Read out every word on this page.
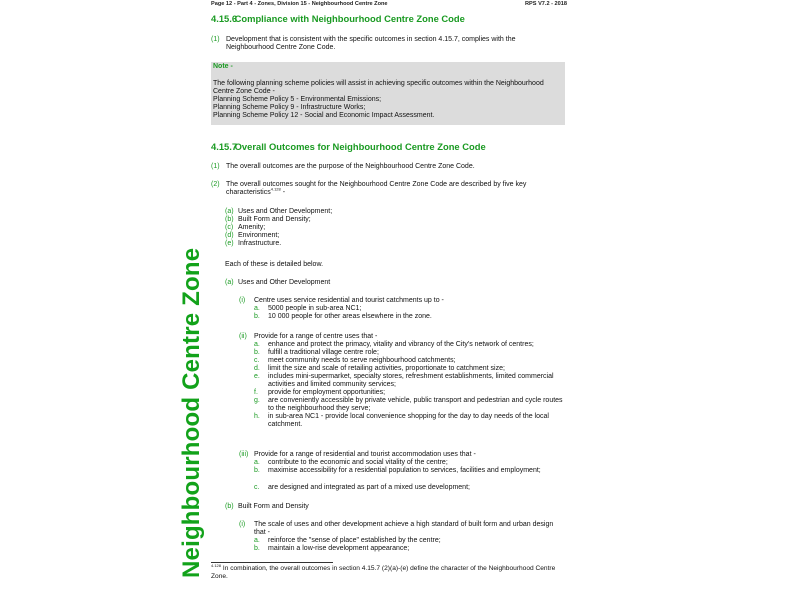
Page 12 - Part 4 - Zones, Division 15 - Neighbourhood Centre Zone	RPS V7.2 - 2018
Neighbourhood Centre Zone
4.15.6 Compliance with Neighbourhood Centre Zone Code
(1) Development that is consistent with the specific outcomes in section 4.15.7, complies with the Neighbourhood Centre Zone Code.
Note -
The following planning scheme policies will assist in achieving specific outcomes within the Neighbourhood Centre Zone Code -
Planning Scheme Policy 5 - Environmental Emissions;
Planning Scheme Policy 9 - Infrastructure Works;
Planning Scheme Policy 12 - Social and Economic Impact Assessment.
4.15.7 Overall Outcomes for Neighbourhood Centre Zone Code
(1) The overall outcomes are the purpose of the Neighbourhood Centre Zone Code.
(2) The overall outcomes sought for the Neighbourhood Centre Zone Code are described by five key characteristics$^{4.128}$ -
(a) Uses and Other Development;
(b) Built Form and Density;
(c) Amenity;
(d) Environment;
(e) Infrastructure.
Each of these is detailed below.
(a) Uses and Other Development
(i) Centre uses service residential and tourist catchments up to -
a. 5000 people in sub-area NC1;
b. 10 000 people for other areas elsewhere in the zone.
(ii) Provide for a range of centre uses that -
a. enhance and protect the primacy, vitality and vibrancy of the City's network of centres;
b. fulfill a traditional village centre role;
c. meet community needs to serve neighbourhood catchments;
d. limit the size and scale of retailing activities, proportionate to catchment size;
e. includes mini-supermarket, specialty stores, refreshment establishments, limited commercial activities and limited community services;
f. provide for employment opportunities;
g. are conveniently accessible by private vehicle, public transport and pedestrian and cycle routes to the neighbourhood they serve;
h. in sub-area NC1 - provide local convenience shopping for the day to day needs of the local catchment.
(iii) Provide for a range of residential and tourist accommodation uses that -
a. contribute to the economic and social vitality of the centre;
b. maximise accessibility for a residential population to services, facilities and employment;
c. are designed and integrated as part of a mixed use development;
(b) Built Form and Density
(i) The scale of uses and other development achieve a high standard of built form and urban design that -
a. reinforce the "sense of place" established by the centre;
b. maintain a low-rise development appearance;
$^{4.128}$ In combination, the overall outcomes in section 4.15.7 (2)(a)-(e) define the character of the Neighbourhood Centre Zone.
